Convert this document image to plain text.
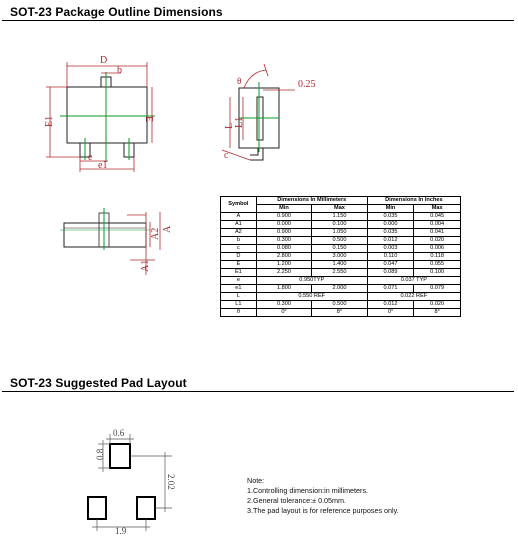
SOT-23 Package Outline Dimensions
D
b
E1	E
e
e1
0.25
θ
L L1
c
A2 A
A1
Symbol	Dimensions In Millimeters		Dimensions In Inches	
	Min	Max	Min	Max
A	0.900	1.150	0.035	0.045
A1	0.000	0.100	0.000	0.004
A2	0.900	1.050	0.035	0.041
b	0.300	0.500	0.012	0.020
c	0.080	0.150	0.003	0.006
D	2.800	3.000	0.110	0.118
E	1.200	1.400	0.047	0.055
E1	2.250	2.550	0.089	0.100
e	0.950TYP		0.037 TYP	
e1	1.800	2.000	0.071	0.079
L	0.550 REF		0.022 REF	
L1	0.300	0.500	0.012	0.020
θ	0°	8°	0°	8°
SOT-23 Suggested Pad Layout
0.6
0.8
2.02
1.9
Note:
1.Controlling dimension:in millimeters.
2.General tolerance:± 0.05mm.
3.The pad layout is for reference purposes only.
